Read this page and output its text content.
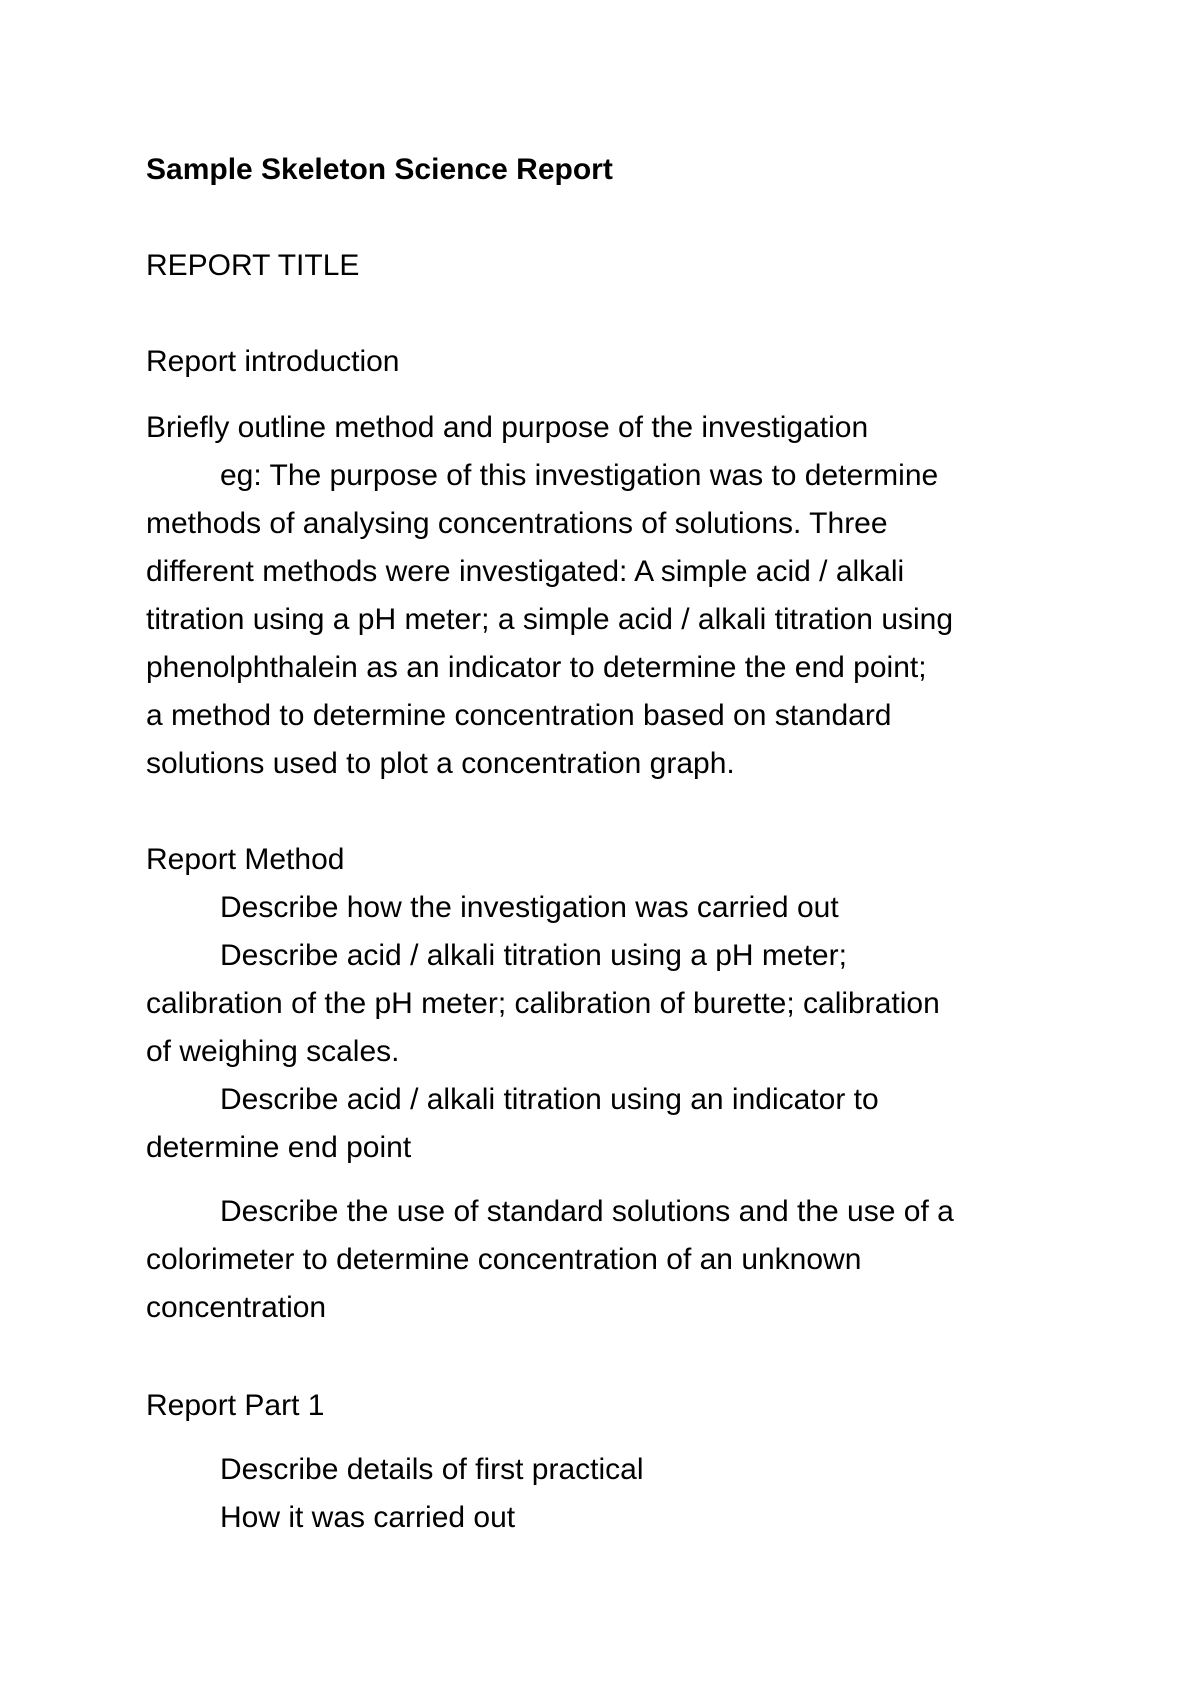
Sample Skeleton Science Report
REPORT TITLE
Report introduction
Briefly outline method and purpose of the investigation
eg: The purpose of this investigation was to determine
methods of analysing concentrations of solutions. Three
different methods were investigated: A simple acid / alkali
titration using a pH meter; a simple acid / alkali titration using
phenolphthalein as an indicator to determine the end point;
a method to determine concentration based on standard
solutions used to plot a concentration graph.
Report Method
Describe how the investigation was carried out
Describe acid / alkali titration using a pH meter;
calibration of the pH meter; calibration of burette; calibration
of weighing scales.
Describe acid / alkali titration using an indicator to
determine end point
Describe the use of standard solutions and the use of a
colorimeter to determine concentration of an unknown
concentration
Report Part 1
Describe details of first practical
How it was carried out
